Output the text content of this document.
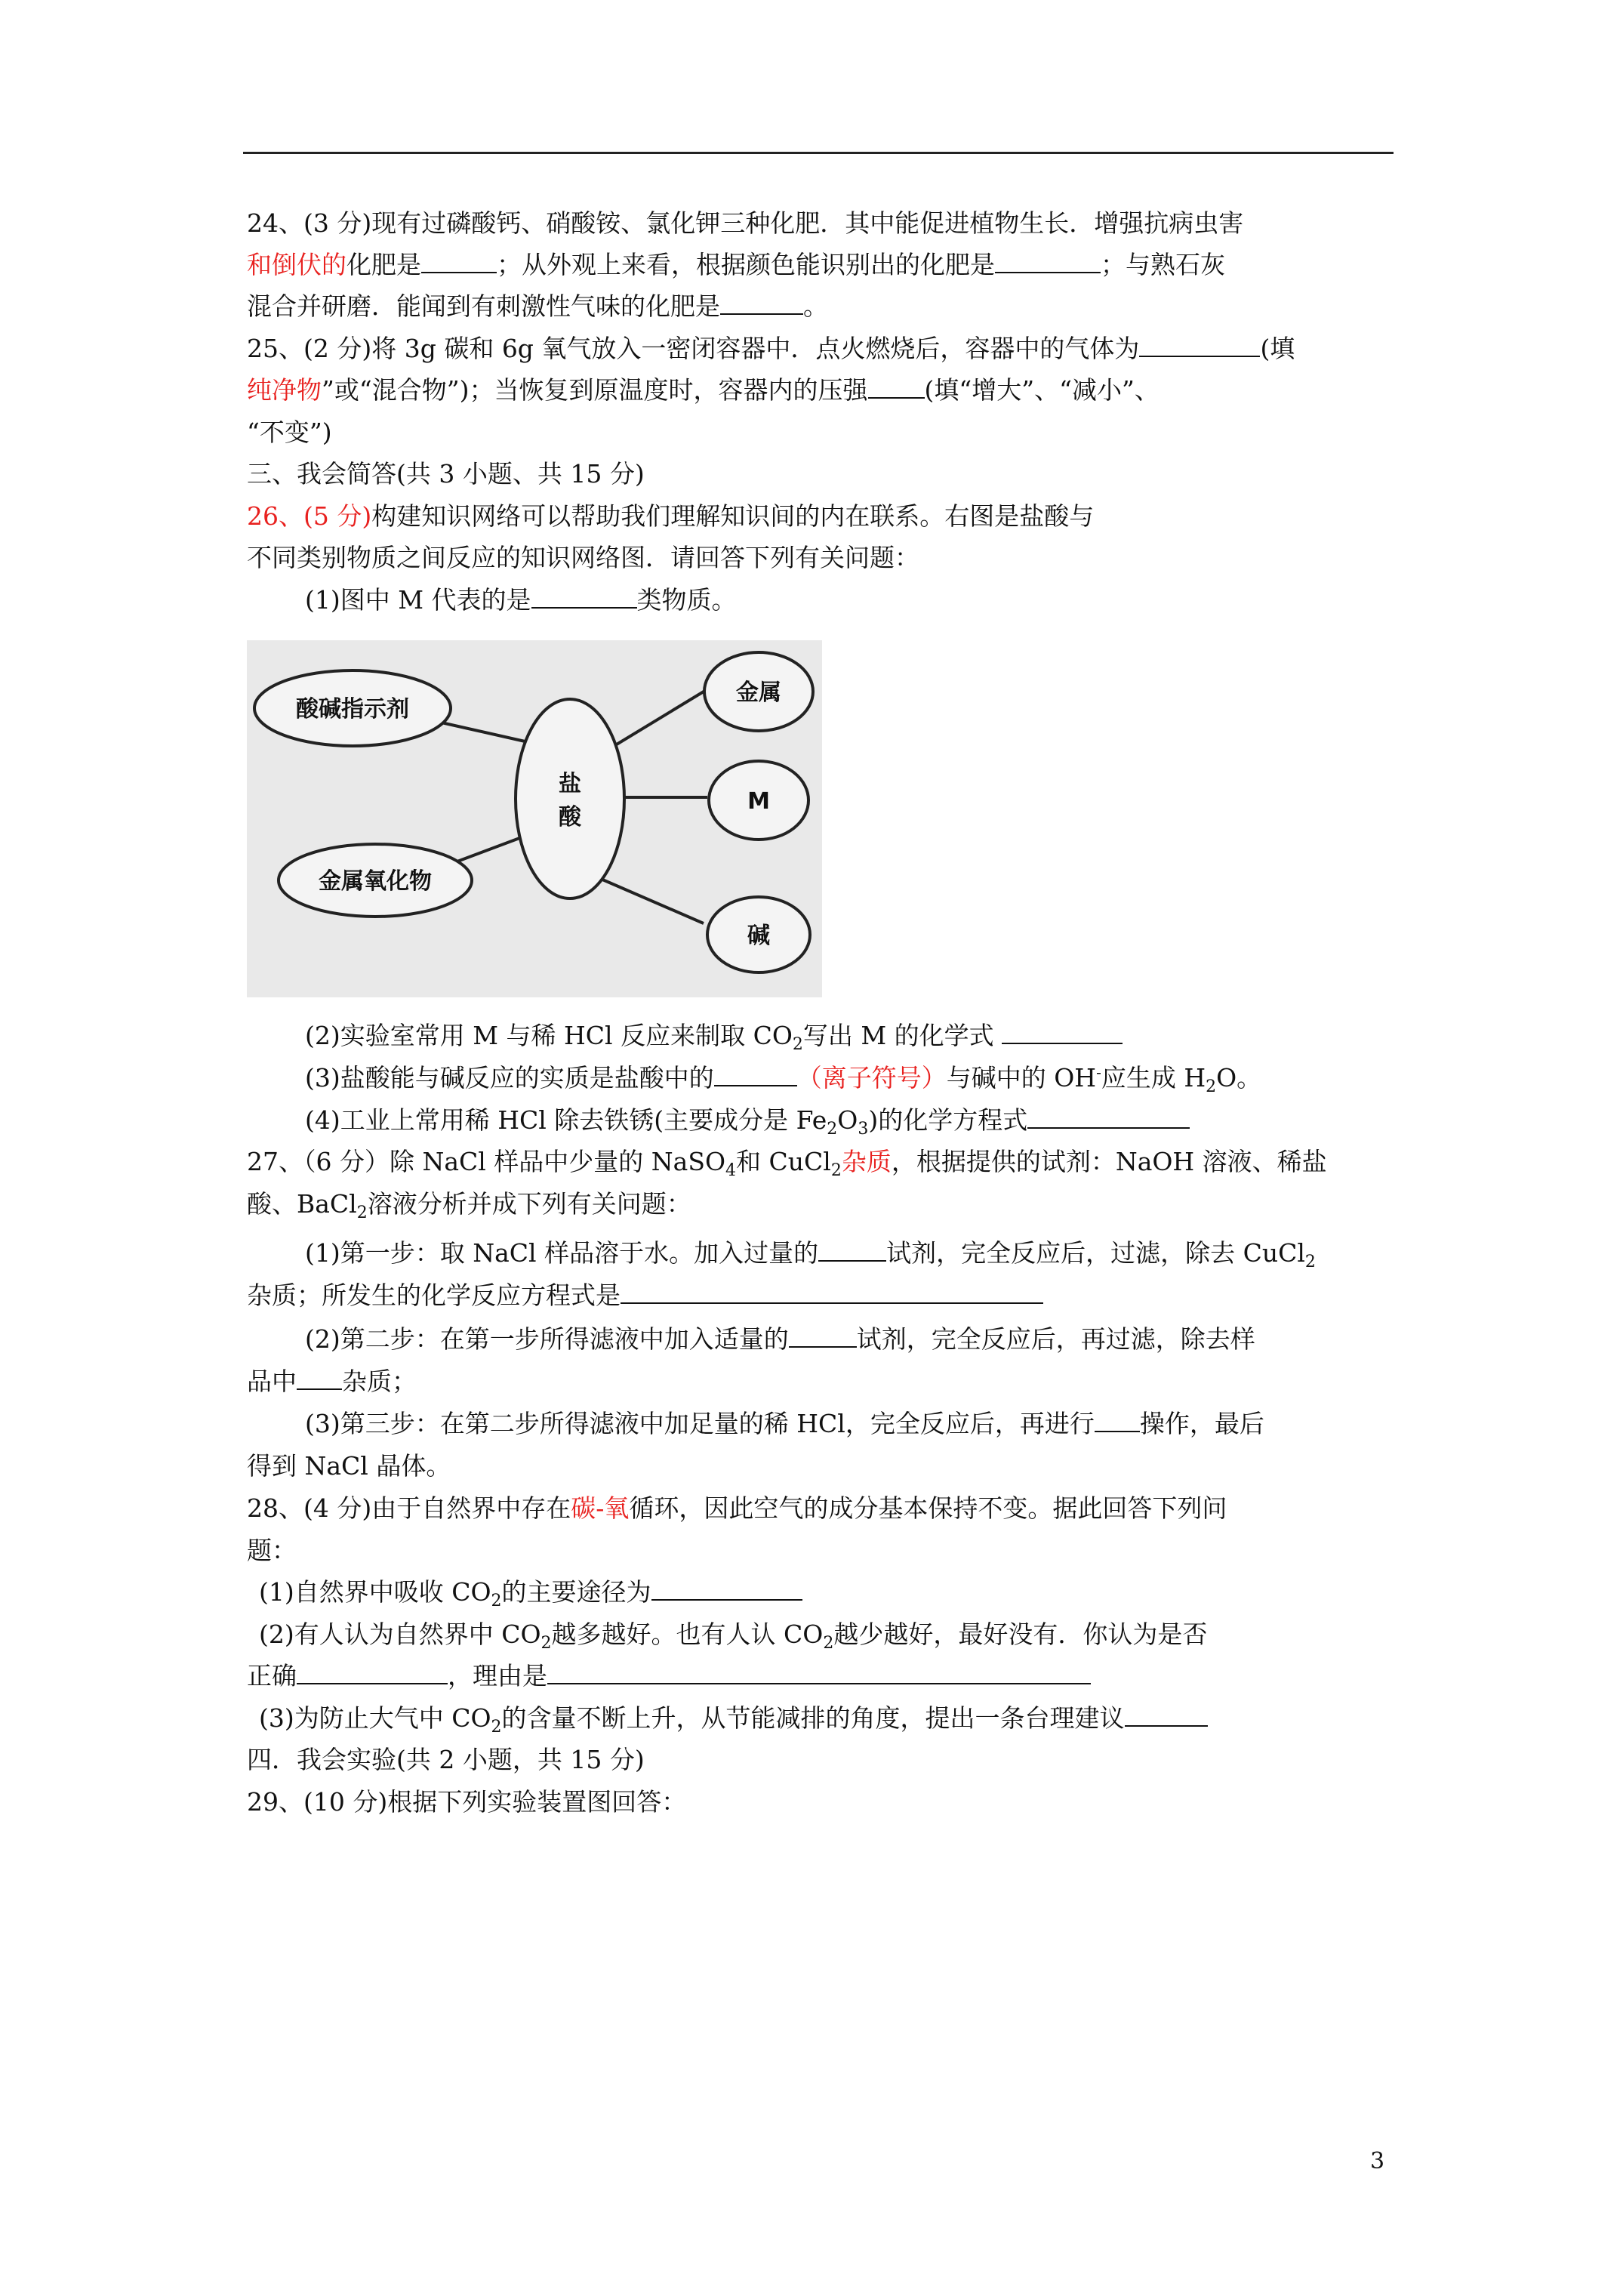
24、(3 分)现有过磷酸钙、硝酸铵、氯化钾三种化肥．其中能促进植物生长．增强抗病虫害
和倒伏的化肥是	；从外观上来看，根据颜色能识别出的化肥是	；与熟石灰
混合并研磨．能闻到有刺激性气味的化肥是	。
25、(2 分)将 3g 碳和 6g 氧气放入一密闭容器中．点火燃烧后，容器中的气体为	(填
纯净物”或“混合物”)；当恢复到原温度时，容器内的压强 (填“增大”、“减小”、
“不变”)
三、我会简答(共 3 小题、共 15 分)
26、(5 分)构建知识网络可以帮助我们理解知识间的内在联系。右图是盐酸与
不同类别物质之间反应的知识网络图．请回答下列有关问题：
(1)图中 M 代表的是	类物质。
酸碱指示剂
金属氧化物
金属
M
碱
盐
酸
(2)实验室常用 M 与稀 HCl 反应来制取 $CO_2$写出 M 的化学式
(3)盐酸能与碱反应的实质是盐酸中的	（离子符号）与碱中的 OH-应生成 $H_2O$。
(4)工业上常用稀 HCl 除去铁锈(主要成分是 $Fe_2O_3$)的化学方程式
27、（6 分）除 NaCl 样品中少量的 NaSO$_4$和 CuCl$_2$杂质，根据提供的试剂：NaOH 溶液、稀盐
酸、BaCl$_2$溶液分析并成下列有关问题：
(1)第一步：取 NaCl 样品溶于水。加入过量的	试剂，完全反应后，过滤，除去 CuCl$_2$
杂质；所发生的化学反应方程式是
(2)第二步：在第一步所得滤液中加入适量的	试剂，完全反应后，再过滤，除去样
品中 杂质；
(3)第三步：在第二步所得滤液中加足量的稀 HCl，完全反应后，再进行 操作，最后
得到 NaCl 晶体。
28、(4 分)由于自然界中存在碳-氧循环，因此空气的成分基本保持不变。据此回答下列问
题：
(1)自然界中吸收 $CO_2$的主要途径为
(2)有人认为自然界中 $CO_2$越多越好。也有人认 $CO_2$越少越好，最好没有．你认为是否
正确	，理由是
(3)为防止大气中 $CO_2$的含量不断上升，从节能减排的角度，提出一条台理建议
四．我会实验(共 2 小题，共 15 分)
29、(10 分)根据下列实验装置图回答：
3
